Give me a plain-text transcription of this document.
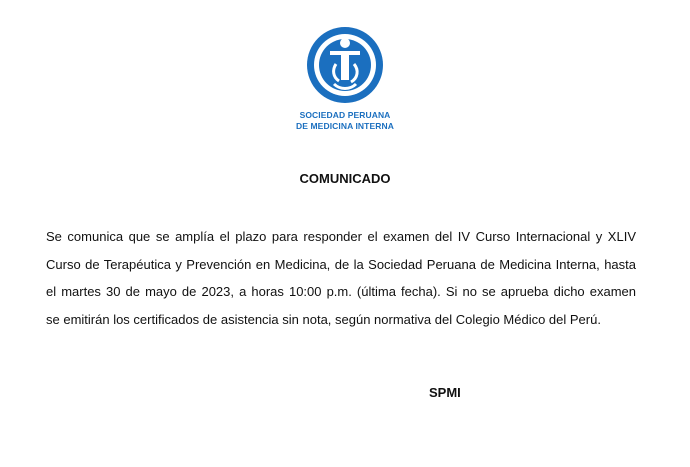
SOCIEDAD PERUANA
DE MEDICINA INTERNA
COMUNICADO
Se comunica que se amplía el plazo para responder el examen del IV Curso Internacional y XLIV
Curso de Terapéutica y Prevención en Medicina, de la Sociedad Peruana de Medicina Interna, hasta
el martes 30 de mayo de 2023, a horas 10:00 p.m. (última fecha). Si no se aprueba dicho examen
se emitirán los certificados de asistencia sin nota, según normativa del Colegio Médico del Perú.
SPMI
